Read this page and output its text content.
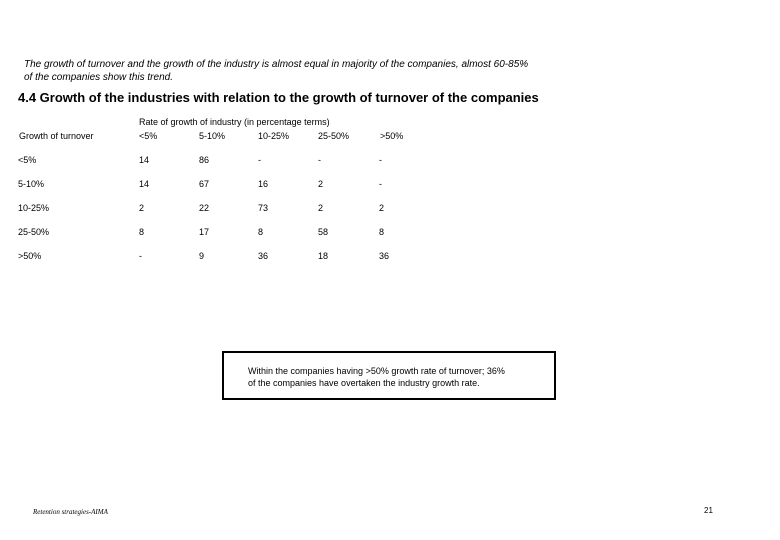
The growth of turnover and the growth of the industry is almost equal in majority of the companies, almost 60-85%
of the companies show this trend.
4.4 Growth of the industries with relation to the growth of turnover of the companies
Rate of growth of industry (in percentage terms)
Growth of turnover	<5%	5-10%	10-25%	25-50%	>50%
<5%	14	86	-	-	-
5-10%	14	67	16	2	-
10-25%	2	22	73	2	2
25-50%	8	17	8	58	8
>50%	-	9	36	18	36
Within the companies having >50% growth rate of turnover; 36%
of the companies have overtaken the industry growth rate.
Retention strategies-AIMA	21
